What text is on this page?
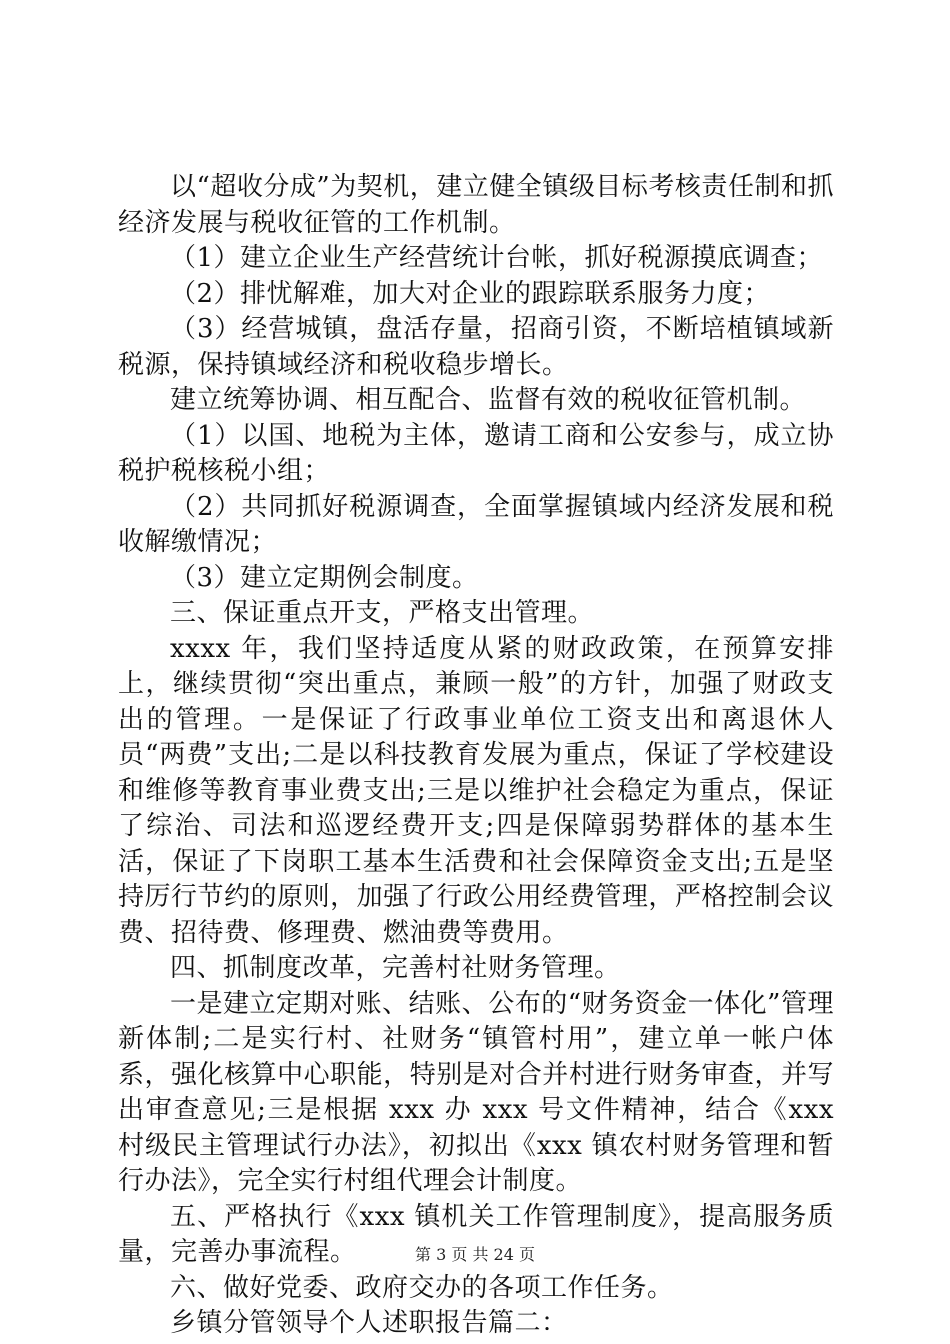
以“超收分成”为契机，建立健全镇级目标考核责任制和抓经济发展与税收征管的工作机制。

（1）建立企业生产经营统计台帐，抓好税源摸底调查；

（2）排忧解难，加大对企业的跟踪联系服务力度；

（3）经营城镇，盘活存量，招商引资，不断培植镇域新税源，保持镇域经济和税收稳步增长。

建立统筹协调、相互配合、监督有效的税收征管机制。

（1）以国、地税为主体，邀请工商和公安参与，成立协税护税核税小组；

（2）共同抓好税源调查，全面掌握镇域内经济发展和税收解缴情况；

（3）建立定期例会制度。

三、保证重点开支，严格支出管理。

xxxx 年，我们坚持适度从紧的财政政策，在预算安排上，继续贯彻“突出重点，兼顾一般”的方针，加强了财政支出的管理。一是保证了行政事业单位工资支出和离退休人员“两费”支出;二是以科技教育发展为重点，保证了学校建设和维修等教育事业费支出;三是以维护社会稳定为重点，保证了综治、司法和巡逻经费开支;四是保障弱势群体的基本生活，保证了下岗职工基本生活费和社会保障资金支出;五是坚持厉行节约的原则，加强了行政公用经费管理，严格控制会议费、招待费、修理费、燃油费等费用。

四、抓制度改革，完善村社财务管理。

一是建立定期对账、结账、公布的“财务资金一体化”管理新体制;二是实行村、社财务“镇管村用”，建立单一帐户体系，强化核算中心职能，特别是对合并村进行财务审查，并写出审查意见;三是根据 xxx 办 xxx 号文件精神，结合《xxx 村级民主管理试行办法》，初拟出《xxx 镇农村财务管理和暂行办法》，完全实行村组代理会计制度。

五、严格执行《xxx 镇机关工作管理制度》，提高服务质量，完善办事流程。

六、做好党委、政府交办的各项工作任务。

乡镇分管领导个人述职报告篇二：

第 3 页 共 24 页
